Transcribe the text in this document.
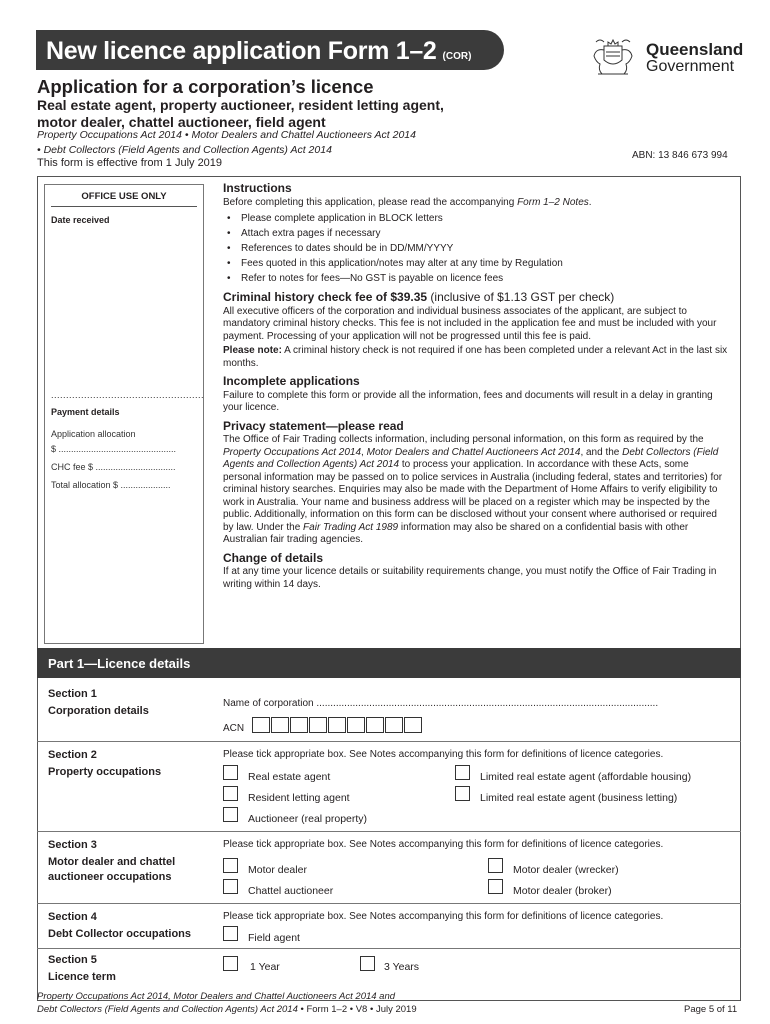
New licence application Form 1–2 (COR)	Queensland
Government
Application for a corporation’s licence
Real estate agent, property auctioneer, resident letting agent,
motor dealer, chattel auctioneer, field agent
Property Occupations Act 2014 • Motor Dealers and Chattel Auctioneers Act 2014
• Debt Collectors (Field Agents and Collection Agents) Act 2014
This form is effective from 1 July 2019
ABN: 13 846 673 994
OFFICE USE ONLY
Date received
...................................................
Payment details
Application allocation
$ ...............................................
CHC fee $ ................................
Total allocation $ ....................
Instructions

Before completing this application, please read the accompanying Form 1–2 Notes.

• Please complete application in BLOCK letters
• Attach extra pages if necessary
• References to dates should be in DD/MM/YYYY
• Fees quoted in this application/notes may alter at any time by Regulation
• Refer to notes for fees—No GST is payable on licence fees
Criminal history check fee of $39.35 (inclusive of $1.13 GST per check)

All executive officers of the corporation and individual business associates of the applicant, are subject to mandatory criminal history checks. This fee is not included in the application fee and must be included with your payment. Processing of your application will not be progressed until this fee is paid.

Please note: A criminal history check is not required if one has been completed under a relevant Act in the last six months.

Incomplete applications

Failure to complete this form or provide all the information, fees and documents will result in a delay in granting your licence.

Privacy statement—please read

The Office of Fair Trading collects information, including personal information, on this form as required by the Property Occupations Act 2014, Motor Dealers and Chattel Auctioneers Act 2014, and the Debt Collectors (Field Agents and Collection Agents) Act 2014 to process your application. In accordance with these Acts, some personal information may be passed on to police services in Australia (including federal, states and territories) for criminal history searches. Enquiries may also be made with the Department of Home Affairs to verify eligibility to work in Australia. Your name and business address will be placed on a register which may be inspected by the public. Additionally, information on this form can be disclosed without your consent where authorised or required by law. Under the Fair Trading Act 1989 information may also be shared on a confidential basis with other Australian fair trading agencies.

Change of details

If at any time your licence details or suitability requirements change, you must notify the Office of Fair Trading in writing within 14 days.

Part 1—Licence details
Section 1
Corporation details
Name of corporation ...........................................................................................................................
ACN
Section 2
Property occupations
Please tick appropriate box. See Notes accompanying this form for definitions of licence categories.
Real estate agent	Limited real estate agent (affordable housing)
Resident letting agent	Limited real estate agent (business letting)
Auctioneer (real property)
Section 3
Motor dealer and chattel
auctioneer occupations
Please tick appropriate box. See Notes accompanying this form for definitions of licence categories.
Motor dealer	Motor dealer (wrecker)
Chattel auctioneer	Motor dealer (broker)
Section 4
Debt Collector occupations
Please tick appropriate box. See Notes accompanying this form for definitions of licence categories.
Field agent
Section 5
Licence term
1 Year	3 Years
Property Occupations Act 2014, Motor Dealers and Chattel Auctioneers Act 2014 and
Debt Collectors (Field Agents and Collection Agents) Act 2014 • Form 1–2 • V8 • July 2019	Page 5 of 11
